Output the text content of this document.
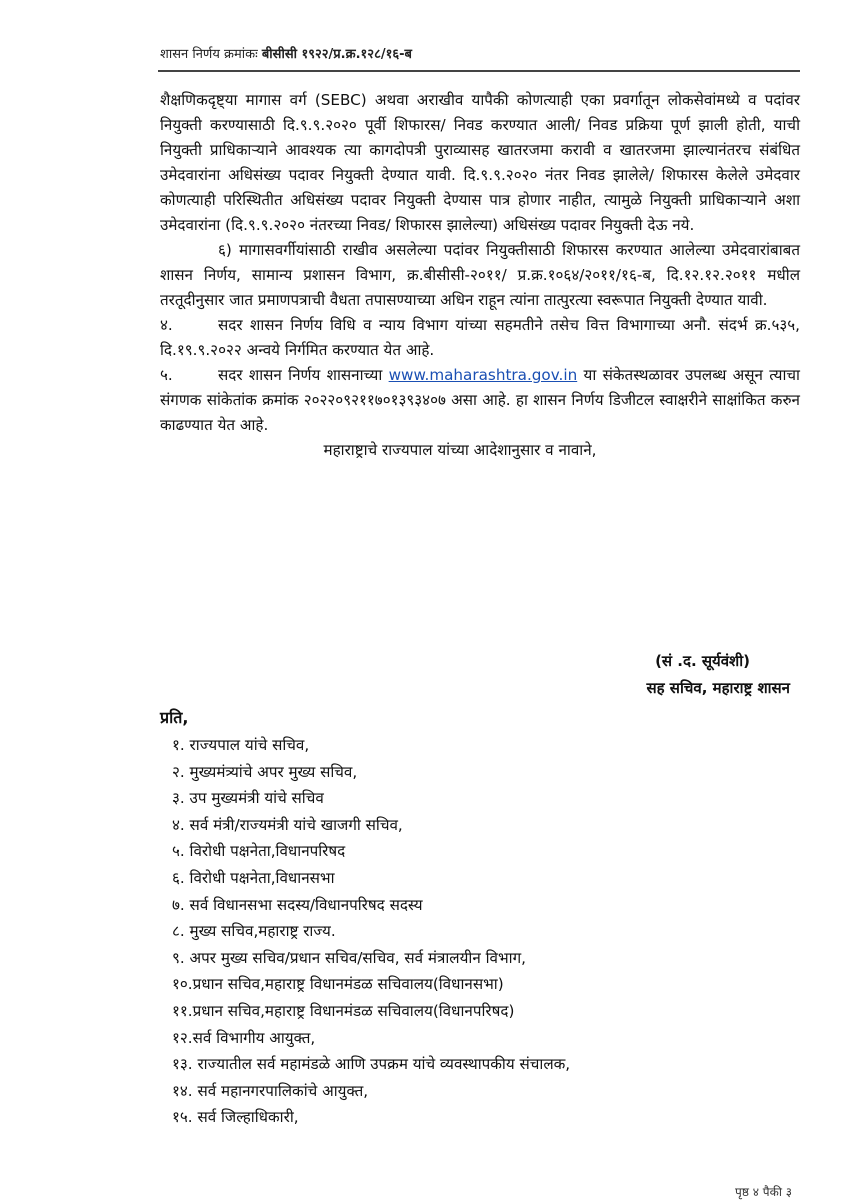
शासन निर्णय क्रमांकः बीसीसी १९२२/प्र.क्र.१२८/१६-ब

शैक्षणिकदृष्ट्या मागास वर्ग (SEBC) अथवा अराखीव यापैकी कोणत्याही एका प्रवर्गातून लोकसेवांमध्ये व पदांवर नियुक्ती करण्यासाठी दि.९.९.२०२० पूर्वी शिफारस/ निवड करण्यात आली/ निवड प्रक्रिया पूर्ण झाली होती, याची नियुक्ती प्राधिकाऱ्याने आवश्यक त्या कागदोपत्री पुराव्यासह खातरजमा करावी व खातरजमा झाल्यानंतरच संबंधित उमेदवारांना अधिसंख्य पदावर नियुक्ती देण्यात यावी. दि.९.९.२०२० नंतर निवड झालेले/ शिफारस केलेले उमेदवार कोणत्याही परिस्थितीत अधिसंख्य पदावर नियुक्ती देण्यास पात्र होणार नाहीत, त्यामुळे नियुक्ती प्राधिकाऱ्याने अशा उमेदवारांना (दि.९.९.२०२० नंतरच्या निवड/ शिफारस झालेल्या) अधिसंख्य पदावर नियुक्ती देऊ नये.

६) मागासवर्गीयांसाठी राखीव असलेल्या पदांवर नियुक्तीसाठी शिफारस करण्यात आलेल्या उमेदवारांबाबत शासन निर्णय, सामान्य प्रशासन विभाग, क्र.बीसीसी-२०११/ प्र.क्र.१०६४/२०११/१६-ब, दि.१२.१२.२०११ मधील तरतूदीनुसार जात प्रमाणपत्राची वैधता तपासण्याच्या अधिन राहून त्यांना तात्पुरत्या स्वरूपात नियुक्ती देण्यात यावी.

४.	सदर शासन निर्णय विधि व न्याय विभाग यांच्या सहमतीने तसेच वित्त विभागाच्या अनौ. संदर्भ क्र.५३५, दि.१९.९.२०२२ अन्वये निर्गमित करण्यात येत आहे.

५.	सदर शासन निर्णय शासनाच्या www.maharashtra.gov.in या संकेतस्थळावर उपलब्ध असून त्याचा संगणक सांकेतांक क्रमांक २०२२०९२११७०१३९३४०७ असा आहे. हा शासन निर्णय डिजीटल स्वाक्षरीने साक्षांकित करुन काढण्यात येत आहे.

महाराष्ट्राचे राज्यपाल यांच्या आदेशानुसार व नावाने,

(सं .द. सूर्यवंशी)
सह सचिव, महाराष्ट्र शासन
प्रति,
१. राज्यपाल यांचे सचिव,
२. मुख्यमंत्र्यांचे अपर मुख्य सचिव,
३. उप मुख्यमंत्री यांचे सचिव
४. सर्व मंत्री/राज्यमंत्री यांचे खाजगी सचिव,
५. विरोधी पक्षनेता,विधानपरिषद
६. विरोधी पक्षनेता,विधानसभा
७. सर्व विधानसभा सदस्य/विधानपरिषद सदस्य
८. मुख्य सचिव,महाराष्ट्र राज्य.
९. अपर मुख्य सचिव/प्रधान सचिव/सचिव, सर्व मंत्रालयीन विभाग,
१०.प्रधान सचिव,महाराष्ट्र विधानमंडळ सचिवालय(विधानसभा)
११.प्रधान सचिव,महाराष्ट्र विधानमंडळ सचिवालय(विधानपरिषद)
१२.सर्व विभागीय आयुक्त,
१३. राज्यातील सर्व महामंडळे आणि उपक्रम यांचे व्यवस्थापकीय संचालक,
१४. सर्व महानगरपालिकांचे आयुक्त,
१५. सर्व जिल्हाधिकारी,
पृष्ठ ४ पैकी ३
